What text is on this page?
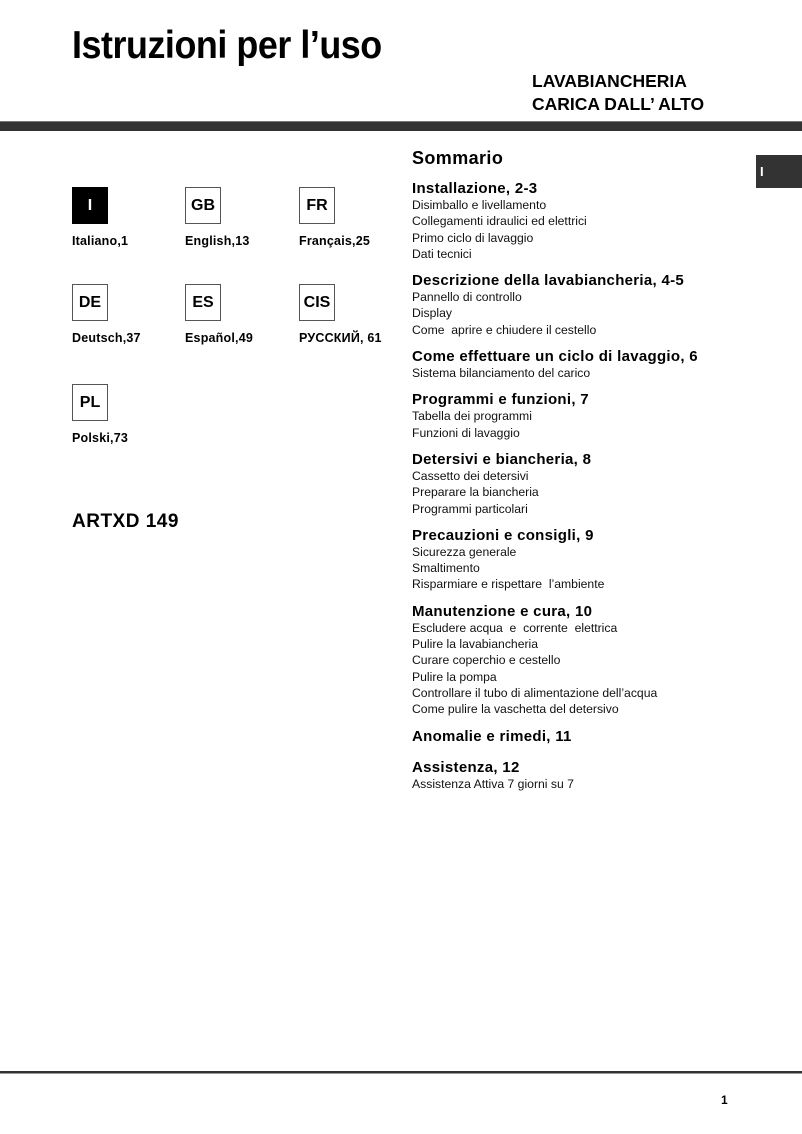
Istruzioni per l’uso
LAVABIANCHERIA
CARICA DALL’ ALTO
I
Italiano,1
GB
English,13
FR
Français,25
DE
Deutsch,37
ES
Español,49
CIS
РУССКИЙ, 61
PL
Polski,73
ARTXD 149
I
Sommario
Installazione, 2-3
Disimballo e livellamento
Collegamenti idraulici ed elettrici
Primo ciclo di lavaggio
Dati tecnici
Descrizione della lavabiancheria, 4-5
Pannello di controllo
Display
Come  aprire e chiudere il cestello
Come effettuare un ciclo di lavaggio, 6
Sistema bilanciamento del carico
Programmi e funzioni, 7
Tabella dei programmi
Funzioni di lavaggio
Detersivi e biancheria, 8
Cassetto dei detersivi
Preparare la biancheria
Programmi particolari
Precauzioni e consigli, 9
Sicurezza generale
Smaltimento
Risparmiare e rispettare  l’ambiente
Manutenzione e cura, 10
Escludere acqua  e  corrente  elettrica
Pulire la lavabiancheria
Curare coperchio e cestello
Pulire la pompa
Controllare il tubo di alimentazione dell’acqua
Come pulire la vaschetta del detersivo
Anomalie e rimedi, 11
Assistenza, 12
Assistenza Attiva 7 giorni su 7
1
